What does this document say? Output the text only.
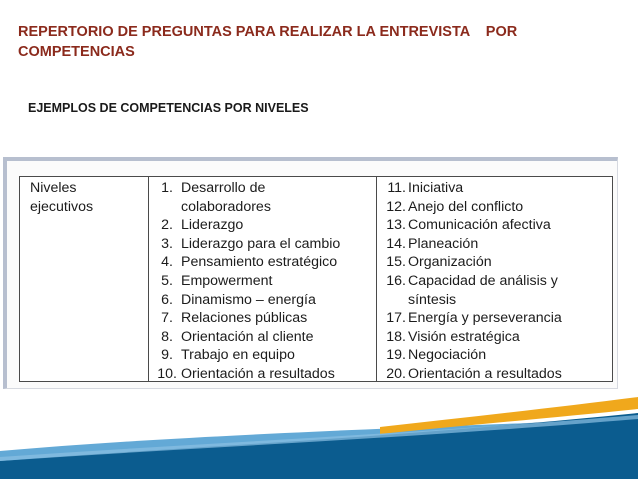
REPERTORIO DE PREGUNTAS PARA REALIZAR LA ENTREVISTA    POR
COMPETENCIAS
EJEMPLOS DE COMPETENCIAS POR NIVELES
Niveles
ejecutivos
1. Desarrollo de
colaboradores
2. Liderazgo
3. Liderazgo para el cambio
4. Pensamiento estratégico
5. Empowerment
6. Dinamismo – energía
7. Relaciones públicas
8. Orientación al cliente
9. Trabajo en equipo
10. Orientación a resultados
11. Iniciativa
12. Anejo del conflicto
13. Comunicación afectiva
14. Planeación
15. Organización
16. Capacidad de análisis y
síntesis
17. Energía y perseverancia
18. Visión estratégica
19. Negociación
20. Orientación a resultados
